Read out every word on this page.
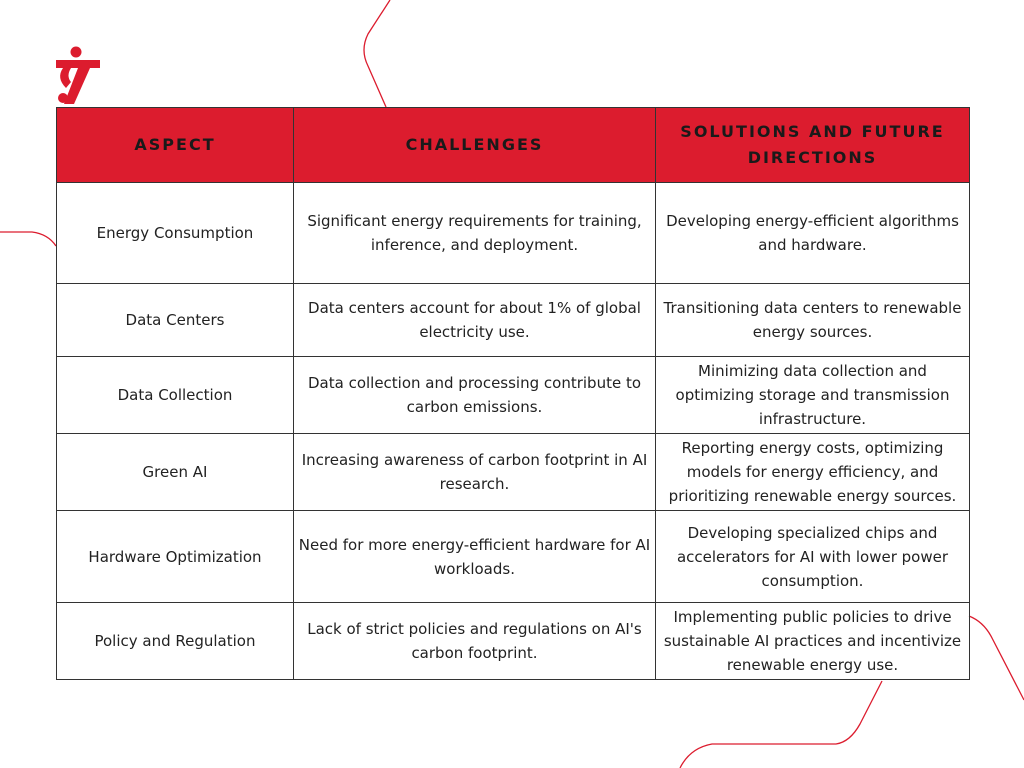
ASPECT	CHALLENGES	SOLUTIONS AND FUTURE DIRECTIONS
Energy Consumption	Significant energy requirements for training, inference, and deployment.	Developing energy-efficient algorithms and hardware.
Data Centers	Data centers account for about 1% of global electricity use.	Transitioning data centers to renewable energy sources.
Data Collection	Data collection and processing contribute to carbon emissions.	Minimizing data collection and optimizing storage and transmission infrastructure.
Green AI	Increasing awareness of carbon footprint in AI research.	Reporting energy costs, optimizing models for energy efficiency, and prioritizing renewable energy sources.
Hardware Optimization	Need for more energy-efficient hardware for AI workloads.	Developing specialized chips and accelerators for AI with lower power consumption.
Policy and Regulation	Lack of strict policies and regulations on AI's carbon footprint.	Implementing public policies to drive sustainable AI practices and incentivize renewable energy use.
